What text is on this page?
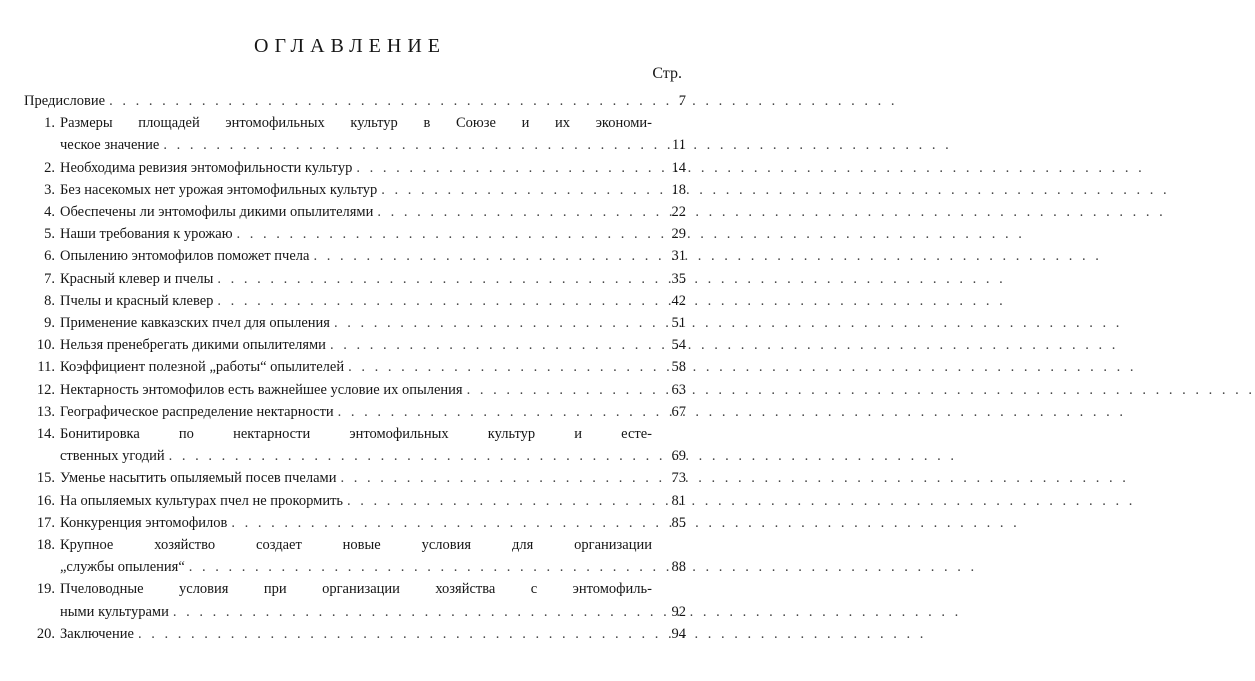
ОГЛАВЛЕНИЕ
Стр.
Предисловие . . .	7
1. Размеры площадей энтомофильных культур в Союзе и их экономи-
ческое значение . . .	11
2. Необходима ревизия энтомофильности культур . . .	14
3. Без насекомых нет урожая энтомофильных культур . . .	18
4. Обеспечены ли энтомофилы дикими опылителями . . .	22
5. Наши требования к урожаю . . .	29
6. Опылению энтомофилов поможет пчела . . .	31
7. Красный клевер и пчелы . . .	35
8. Пчелы и красный клевер . . .	42
9. Применение кавказских пчел для опыления . . .	51
10. Нельзя пренебрегать дикими опылителями . . .	54
11. Коэффициент полезной „работы“ опылителей . . .	58
12. Нектарность энтомофилов есть важнейшее условие их опыления . . .	63
13. Географическое распределение нектарности . . .	67
14. Бонитировка по нектарности энтомофильных культур и есте-
ственных угодий . . .	69
15. Уменье насытить опыляемый посев пчелами . . .	73
16. На опыляемых культурах пчел не прокормить . . .	81
17. Конкуренция энтомофилов . . .	85
18. Крупное хозяйство создает новые условия для организации
„службы опыления“ . . .	88
19. Пчеловодные условия при организации хозяйства с энтомофиль-
ными культурами . . .	92
20. Заключение . . .	94
